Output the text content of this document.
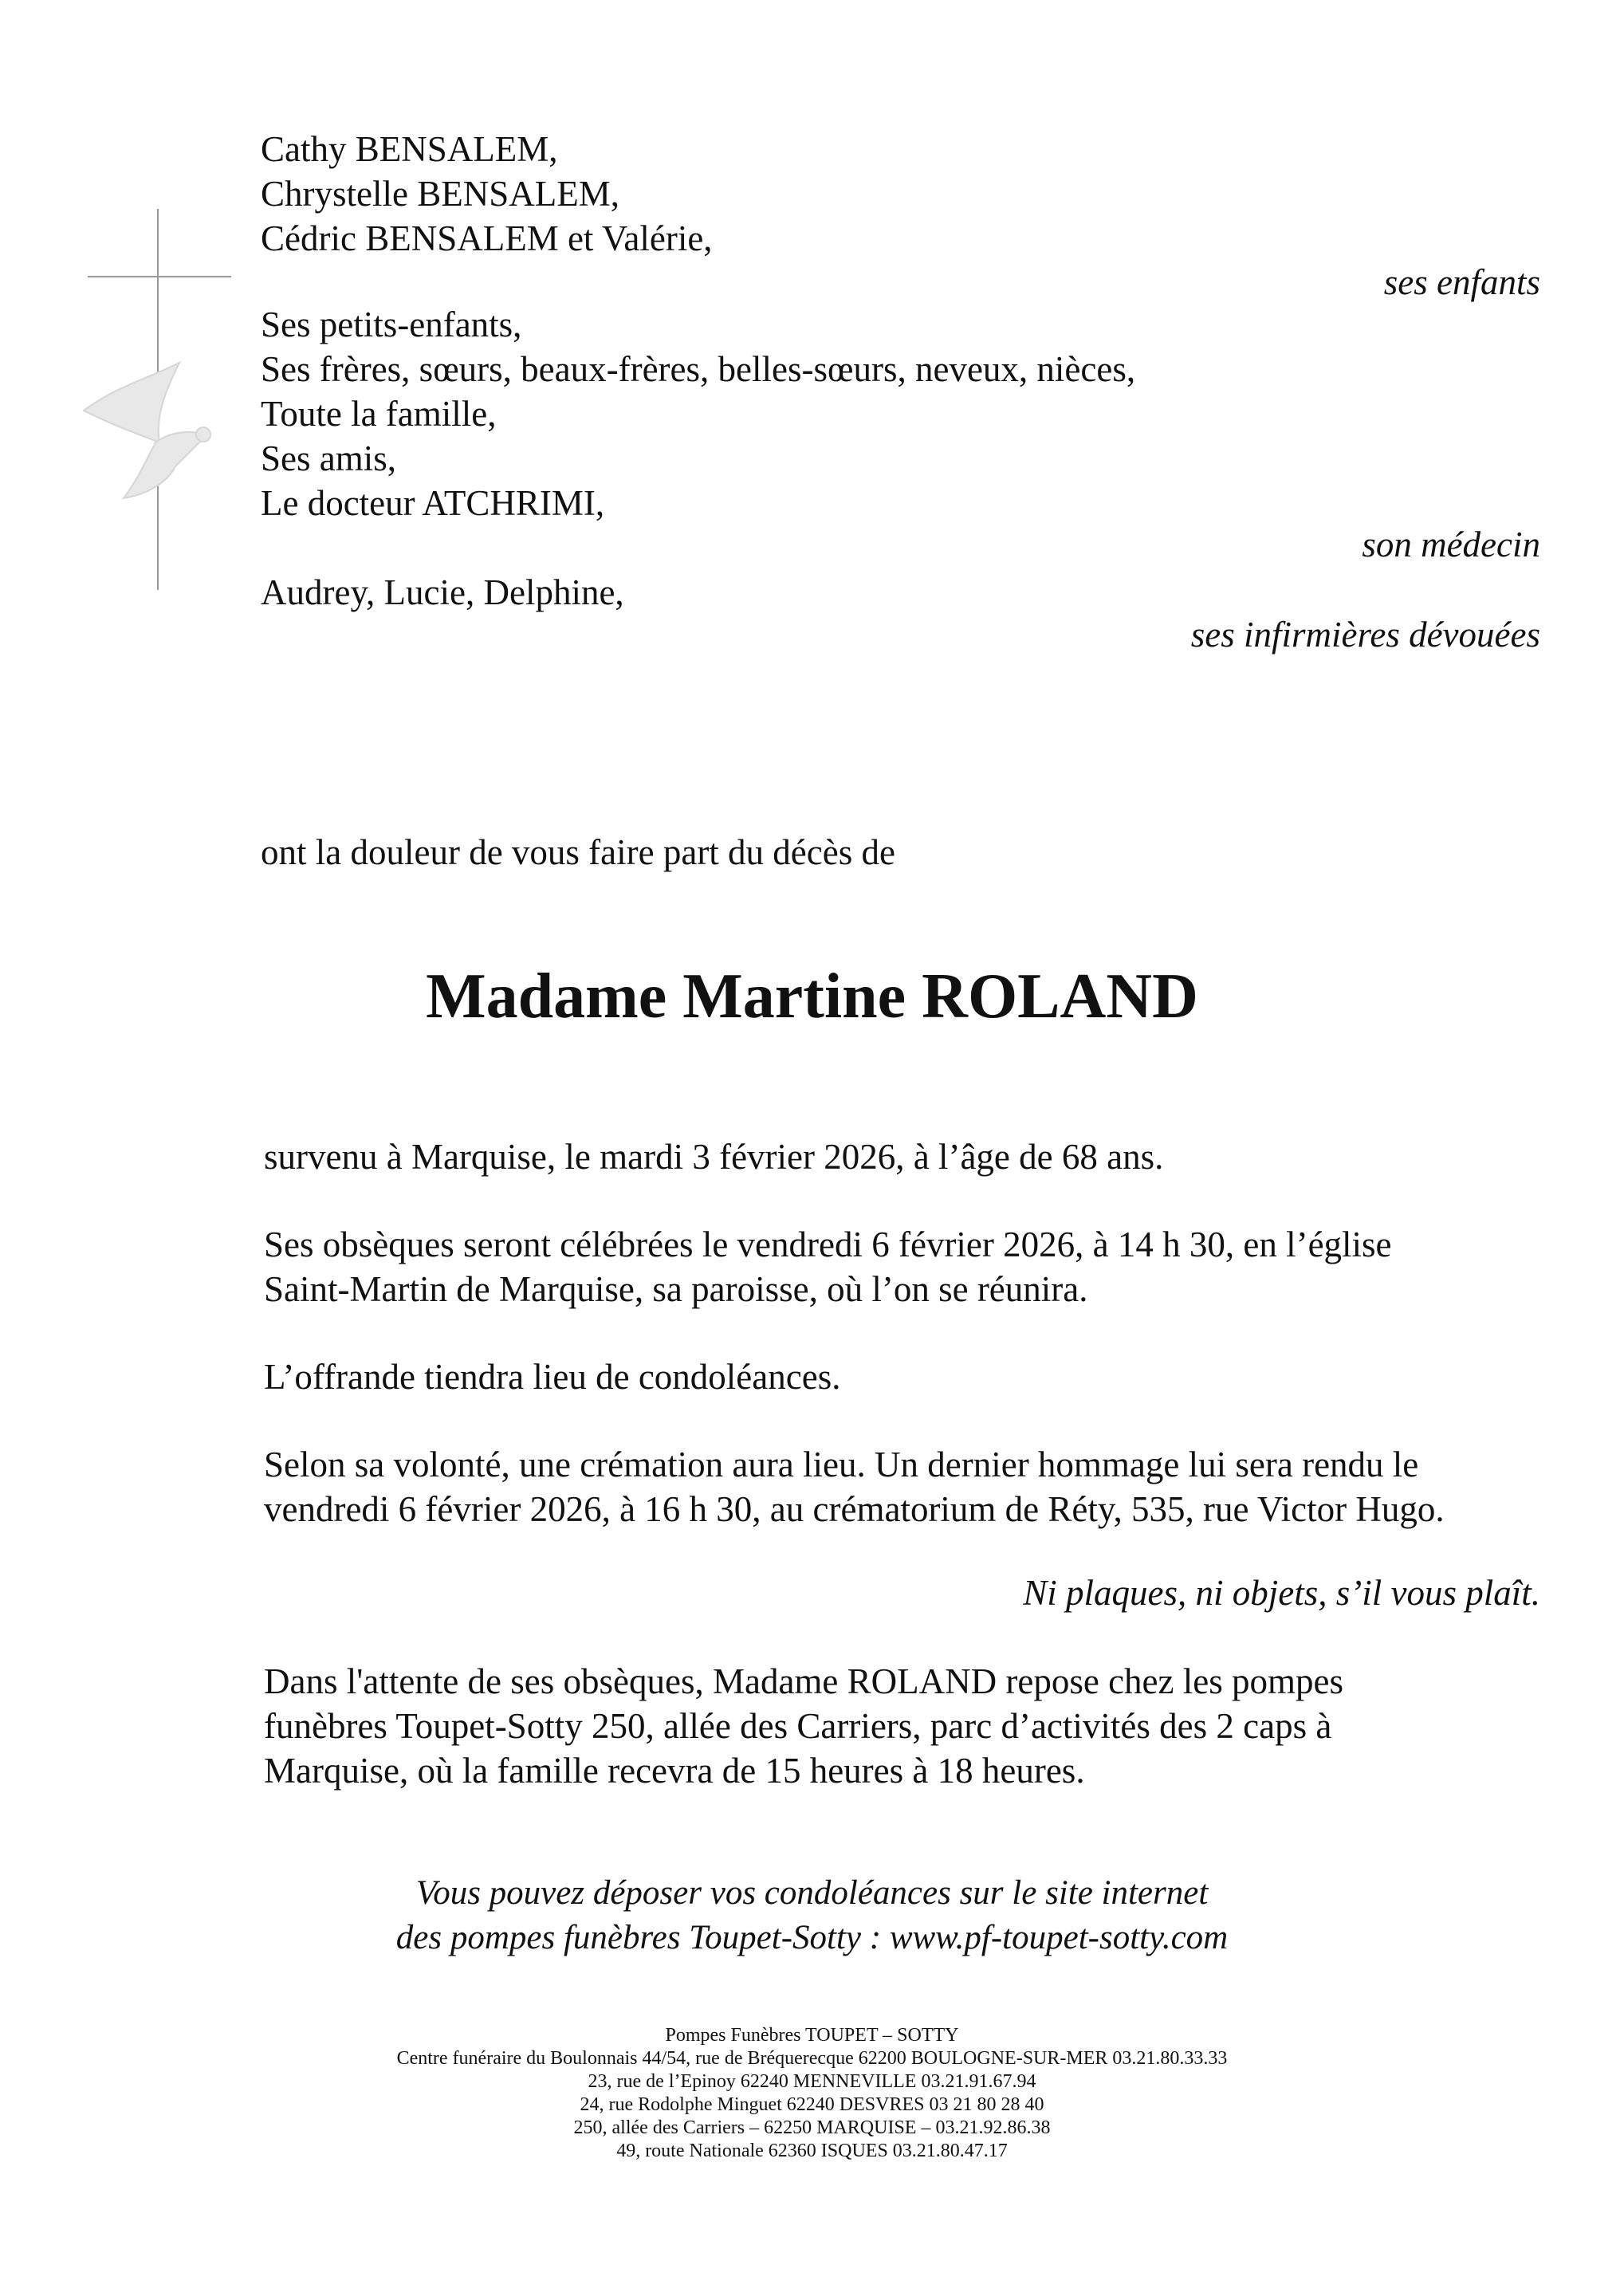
Cathy BENSALEM,
Chrystelle BENSALEM,
Cédric BENSALEM et Valérie,
ses enfants
Ses petits-enfants,
Ses frères, sœurs, beaux-frères, belles-sœurs, neveux, nièces,
Toute la famille,
Ses amis,
Le docteur ATCHRIMI,
son médecin
Audrey, Lucie, Delphine,
ses infirmières dévouées
ont la douleur de vous faire part du décès de
Madame Martine ROLAND
survenu à Marquise, le mardi 3 février 2026, à l’âge de 68 ans.
Ses obsèques seront célébrées le vendredi 6 février 2026, à 14 h 30, en l’église
Saint-Martin de Marquise, sa paroisse, où l’on se réunira.
L’offrande tiendra lieu de condoléances.
Selon sa volonté, une crémation aura lieu. Un dernier hommage lui sera rendu le
vendredi 6 février 2026, à 16 h 30, au crématorium de Réty, 535, rue Victor Hugo.
Ni plaques, ni objets, s’il vous plaît.
Dans l'attente de ses obsèques, Madame ROLAND repose chez les pompes
funèbres Toupet-Sotty 250, allée des Carriers, parc d’activités des 2 caps à
Marquise, où la famille recevra de 15 heures à 18 heures.
Vous pouvez déposer vos condoléances sur le site internet
des pompes funèbres Toupet-Sotty : www.pf-toupet-sotty.com
Pompes Funèbres TOUPET – SOTTY
Centre funéraire du Boulonnais 44/54, rue de Bréquerecque 62200 BOULOGNE-SUR-MER 03.21.80.33.33
23, rue de l’Epinoy 62240 MENNEVILLE 03.21.91.67.94
24, rue Rodolphe Minguet 62240 DESVRES 03 21 80 28 40
250, allée des Carriers – 62250 MARQUISE – 03.21.92.86.38
49, route Nationale 62360 ISQUES 03.21.80.47.17
